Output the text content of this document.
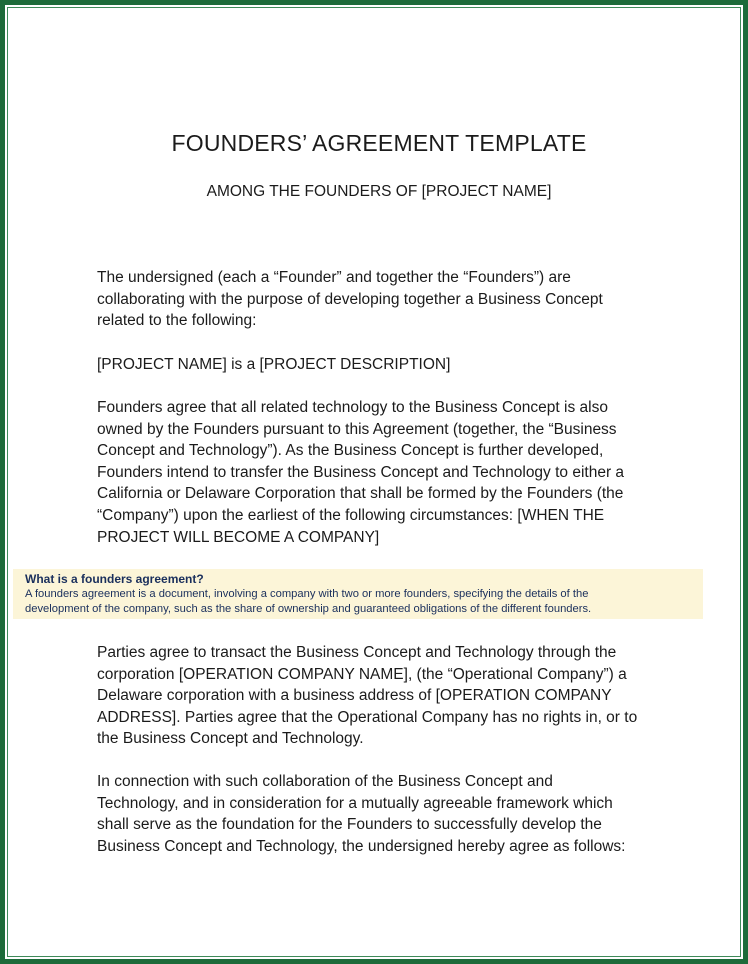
FOUNDERS’ AGREEMENT TEMPLATE
AMONG THE FOUNDERS OF [PROJECT NAME]
The undersigned (each a “Founder” and together the “Founders”) are
collaborating with the purpose of developing together a Business Concept
related to the following:
[PROJECT NAME] is a [PROJECT DESCRIPTION]
Founders agree that all related technology to the Business Concept is also
owned by the Founders pursuant to this Agreement (together, the “Business
Concept and Technology”). As the Business Concept is further developed,
Founders intend to transfer the Business Concept and Technology to either a
California or Delaware Corporation that shall be formed by the Founders (the
“Company”) upon the earliest of the following circumstances: [WHEN THE
PROJECT WILL BECOME A COMPANY]
What is a founders agreement?
A founders agreement is a document, involving a company with two or more founders, specifying the details of the
development of the company, such as the share of ownership and guaranteed obligations of the different founders.
Parties agree to transact the Business Concept and Technology through the
corporation [OPERATION COMPANY NAME], (the “Operational Company”) a
Delaware corporation with a business address of [OPERATION COMPANY
ADDRESS]. Parties agree that the Operational Company has no rights in, or to
the Business Concept and Technology.
In connection with such collaboration of the Business Concept and
Technology, and in consideration for a mutually agreeable framework which
shall serve as the foundation for the Founders to successfully develop the
Business Concept and Technology, the undersigned hereby agree as follows:
